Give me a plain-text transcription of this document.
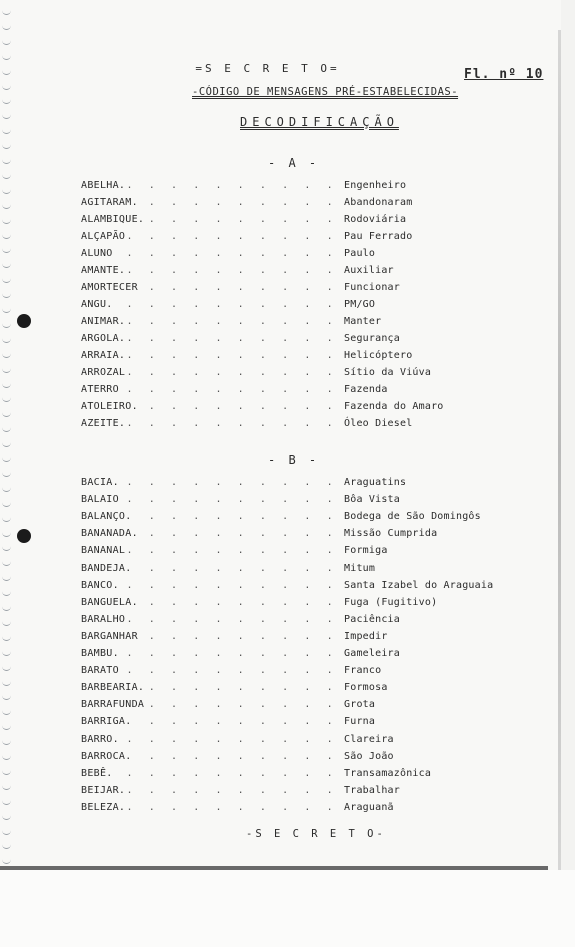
=S E C R E T O=	Fl. nº 10
-CÓDIGO DE MENSAGENS PRÉ-ESTABELECIDAS-
DECODIFICAÇÃO
- A -
. . .
ABELHA.	Engenheiro
. . .
AGITARAM.	Abandonaram
. . .
ALAMBIQUE.	Rodoviária
. . .
ALÇAPÃO	Pau Ferrado
. . .
ALUNO	Paulo
. . .
AMANTE.	Auxiliar
. . .
AMORTECER	Funcionar
. . .
ANGU.	PM/GO
. . .
ANIMAR.	Manter
. . .
ARGOLA.	Segurança
. . .
ARRAIA.	Helicóptero
. . .
ARROZAL	Sítio da Viúva
. . .
ATERRO	Fazenda
. . .
ATOLEIRO.	Fazenda do Amaro
. . .
AZEITE.	Óleo Diesel
- B -
. . .
BACIA.	Araguatins
. . .
BALAIO	Bôa Vista
. . .
BALANÇO.	Bodega de São Domingôs
. . .
BANANADA.	Missão Cumprida
. . .
BANANAL	Formiga
. . .
BANDEJA.	Mitum
. . .
BANCO.	Santa Izabel do Araguaia
. . .
BANGUELA.	Fuga (Fugitivo)
. . .
BARALHO	Paciência
. . .
BARGANHAR	Impedir
. . .
BAMBU.	Gameleira
. . .
BARATO	Franco
. . .
BARBEARIA.	Formosa
. . .
BARRAFUNDA	Grota
. . .
BARRIGA.	Furna
. . .
BARRO.	Clareira
. . .
BARROCA.	São João
. . .
BEBÊ.	Transamazônica
. . .
BEIJAR.	Trabalhar
. . .
BELEZA.	Araguanã
-S E C R E T O-
